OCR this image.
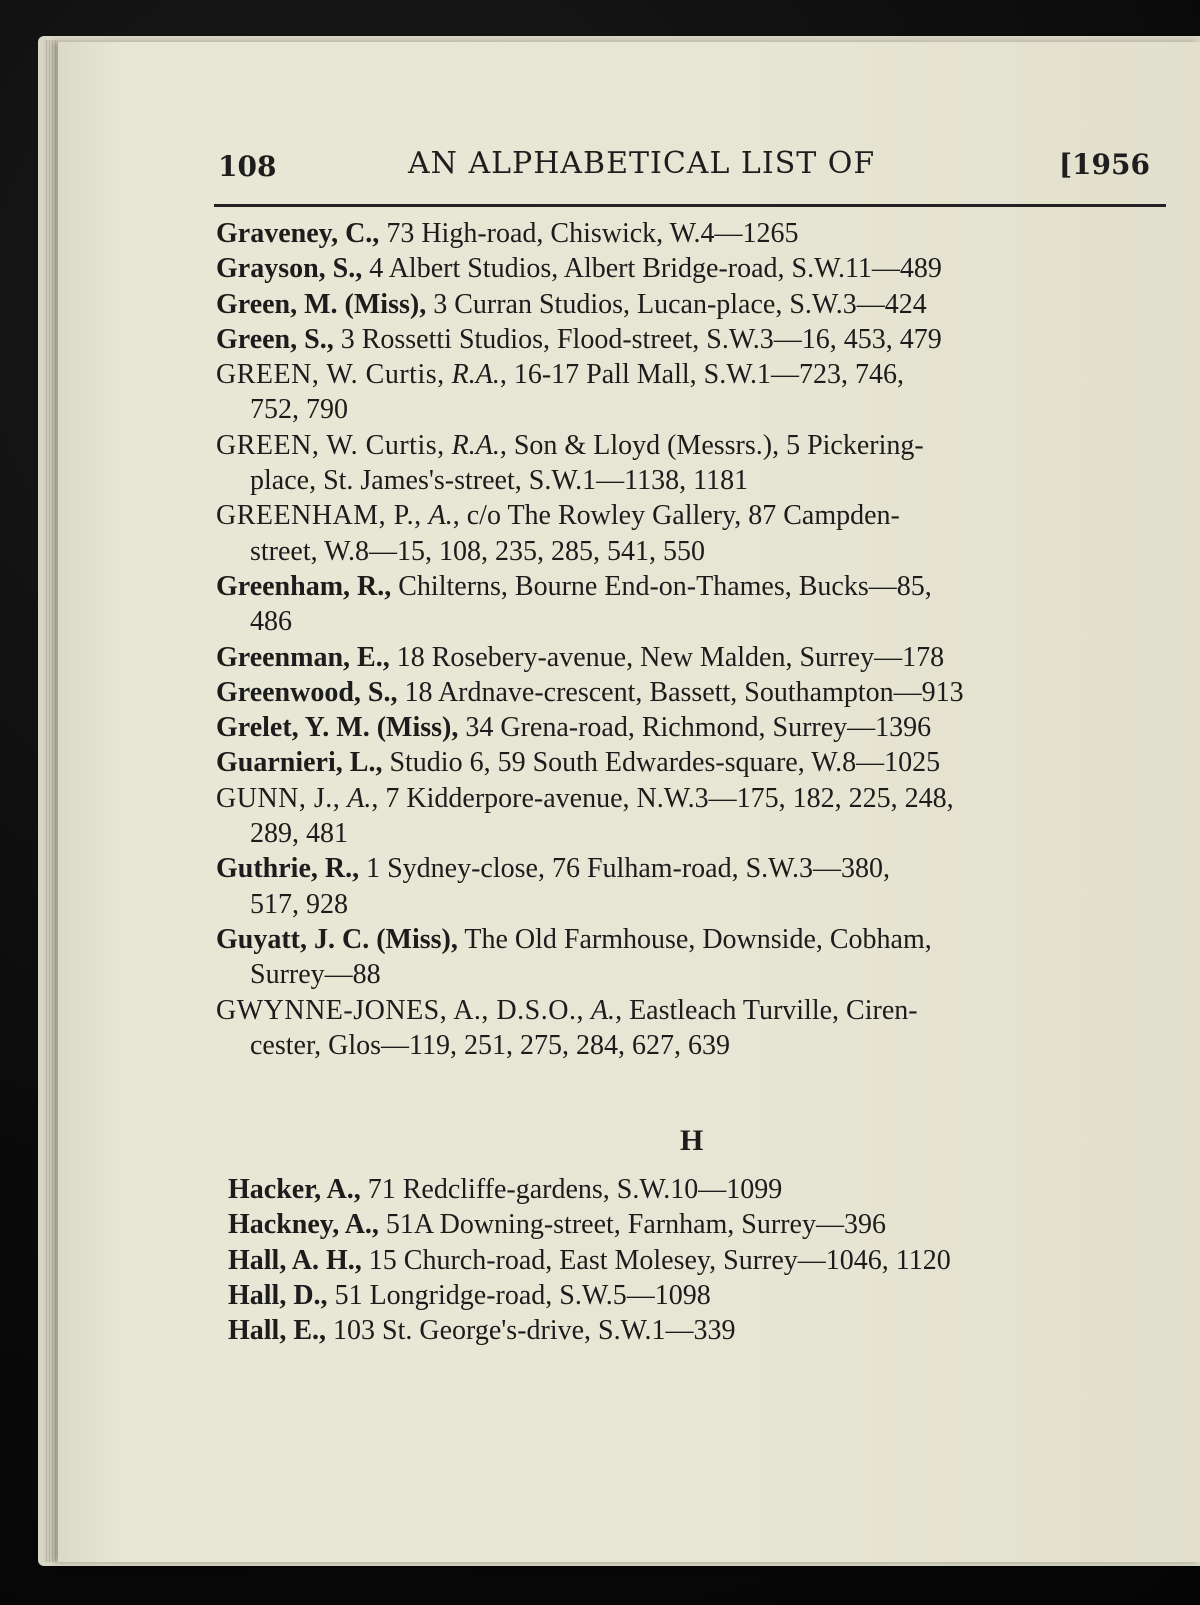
108	AN ALPHABETICAL LIST OF	[1956
Graveney, C., 73 High-road, Chiswick, W.4—1265
Grayson, S., 4 Albert Studios, Albert Bridge-road, S.W.11—489
Green, M. (Miss), 3 Curran Studios, Lucan-place, S.W.3—424
Green, S., 3 Rossetti Studios, Flood-street, S.W.3—16, 453, 479
GREEN, W. Curtis, R.A., 16-17 Pall Mall, S.W.1—723, 746,
752, 790
GREEN, W. Curtis, R.A., Son & Lloyd (Messrs.), 5 Pickering-
place, St. James's-street, S.W.1—1138, 1181
GREENHAM, P., A., c/o The Rowley Gallery, 87 Campden-
street, W.8—15, 108, 235, 285, 541, 550
Greenham, R., Chilterns, Bourne End-on-Thames, Bucks—85,
486
Greenman, E., 18 Rosebery-avenue, New Malden, Surrey—178
Greenwood, S., 18 Ardnave-crescent, Bassett, Southampton—913
Grelet, Y. M. (Miss), 34 Grena-road, Richmond, Surrey—1396
Guarnieri, L., Studio 6, 59 South Edwardes-square, W.8—1025
GUNN, J., A., 7 Kidderpore-avenue, N.W.3—175, 182, 225, 248,
289, 481
Guthrie, R., 1 Sydney-close, 76 Fulham-road, S.W.3—380,
517, 928
Guyatt, J. C. (Miss), The Old Farmhouse, Downside, Cobham,
Surrey—88
GWYNNE-JONES, A., D.S.O., A., Eastleach Turville, Ciren-
cester, Glos—119, 251, 275, 284, 627, 639
H
Hacker, A., 71 Redcliffe-gardens, S.W.10—1099
Hackney, A., 51A Downing-street, Farnham, Surrey—396
Hall, A. H., 15 Church-road, East Molesey, Surrey—1046, 1120
Hall, D., 51 Longridge-road, S.W.5—1098
Hall, E., 103 St. George's-drive, S.W.1—339
